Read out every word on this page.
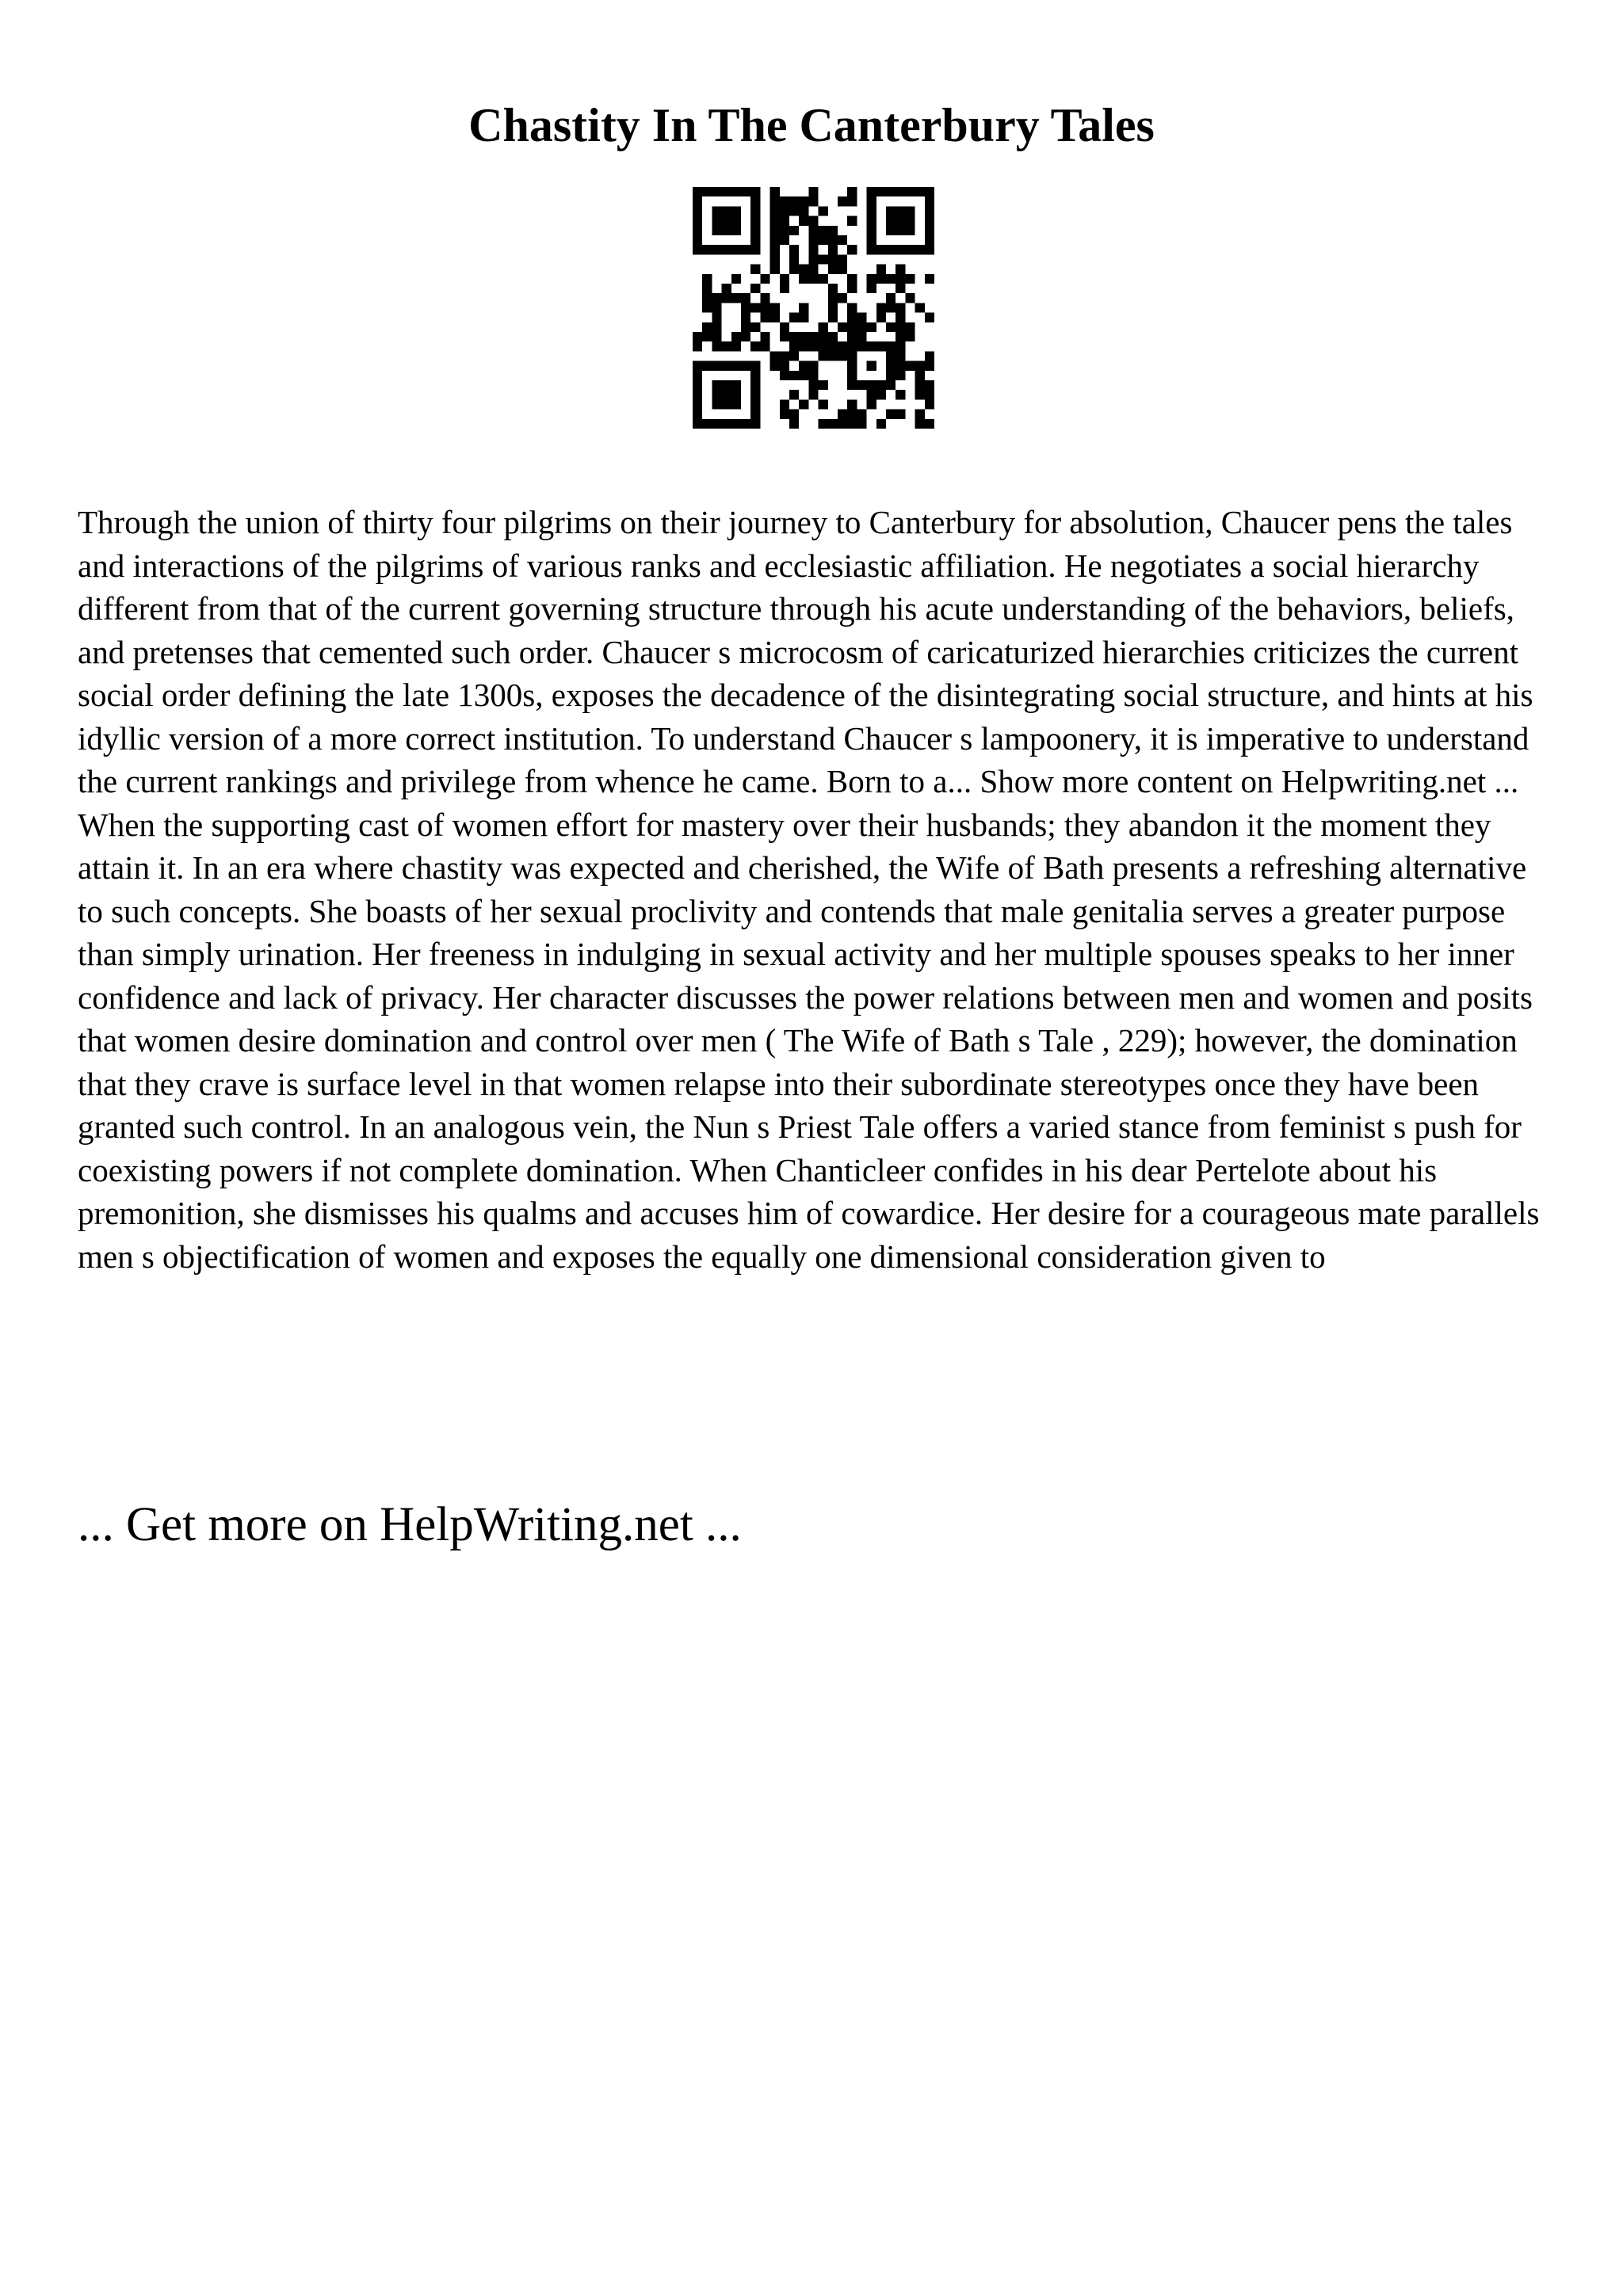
Chastity In The Canterbury Tales

Through the union of thirty four pilgrims on their journey to Canterbury for absolution, Chaucer pens the tales and interactions of the pilgrims of various ranks and ecclesiastic affiliation. He negotiates a social hierarchy different from that of the current governing structure through his acute understanding of the behaviors, beliefs, and pretenses that cemented such order. Chaucer s microcosm of caricaturized hierarchies criticizes the current social order defining the late 1300s, exposes the decadence of the disintegrating social structure, and hints at his idyllic version of a more correct institution. To understand Chaucer s lampoonery, it is imperative to understand the current rankings and privilege from whence he came. Born to a... Show more content on Helpwriting.net ...

When the supporting cast of women effort for mastery over their husbands; they abandon it the moment they attain it. In an era where chastity was expected and cherished, the Wife of Bath presents a refreshing alternative to such concepts. She boasts of her sexual proclivity and contends that male genitalia serves a greater purpose than simply urination. Her freeness in indulging in sexual activity and her multiple spouses speaks to her inner confidence and lack of privacy. Her character discusses the power relations between men and women and posits that women desire domination and control over men ( The Wife of Bath s Tale , 229); however, the domination that they crave is surface level in that women relapse into their subordinate stereotypes once they have been granted such control. In an analogous vein, the Nun s Priest Tale offers a varied stance from feminist s push for coexisting powers if not complete domination. When Chanticleer confides in his dear Pertelote about his premonition, she dismisses his qualms and accuses him of cowardice. Her desire for a courageous mate parallels men s objectification of women and exposes the equally one dimensional consideration given to

... Get more on HelpWriting.net ...
